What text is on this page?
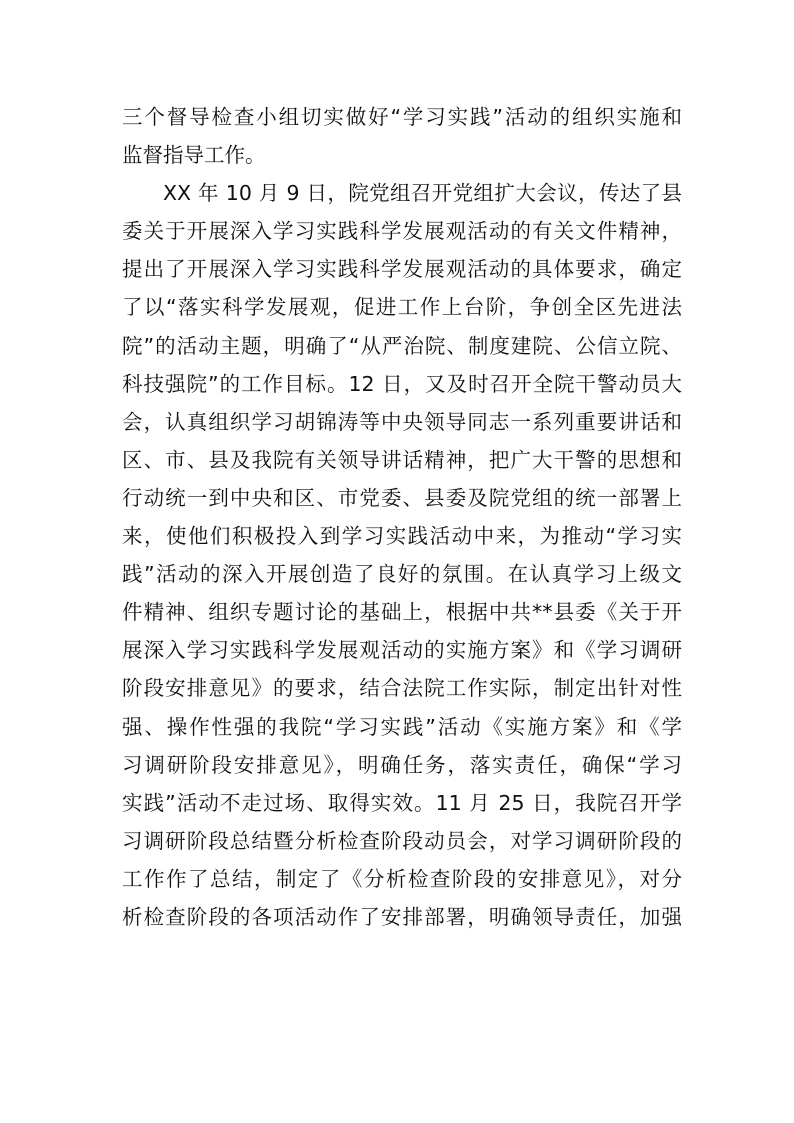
三个督导检查小组切实做好“学习实践”活动的组织实施和
监督指导工作。
XX 年 10 月 9 日，院党组召开党组扩大会议，传达了县
委关于开展深入学习实践科学发展观活动的有关文件精神，
提出了开展深入学习实践科学发展观活动的具体要求，确定
了以“落实科学发展观，促进工作上台阶，争创全区先进法
院”的活动主题，明确了“从严治院、制度建院、公信立院、
科技强院”的工作目标。12 日，又及时召开全院干警动员大
会，认真组织学习胡锦涛等中央领导同志一系列重要讲话和
区、市、县及我院有关领导讲话精神，把广大干警的思想和
行动统一到中央和区、市党委、县委及院党组的统一部署上
来，使他们积极投入到学习实践活动中来，为推动“学习实
践”活动的深入开展创造了良好的氛围。在认真学习上级文
件精神、组织专题讨论的基础上，根据中共**县委《关于开
展深入学习实践科学发展观活动的实施方案》和《学习调研
阶段安排意见》的要求，结合法院工作实际，制定出针对性
强、操作性强的我院“学习实践”活动《实施方案》和《学
习调研阶段安排意见》，明确任务，落实责任，确保“学习
实践”活动不走过场、取得实效。11 月 25 日，我院召开学
习调研阶段总结暨分析检查阶段动员会，对学习调研阶段的
工作作了总结，制定了《分析检查阶段的安排意见》，对分
析检查阶段的各项活动作了安排部署，明确领导责任，加强
